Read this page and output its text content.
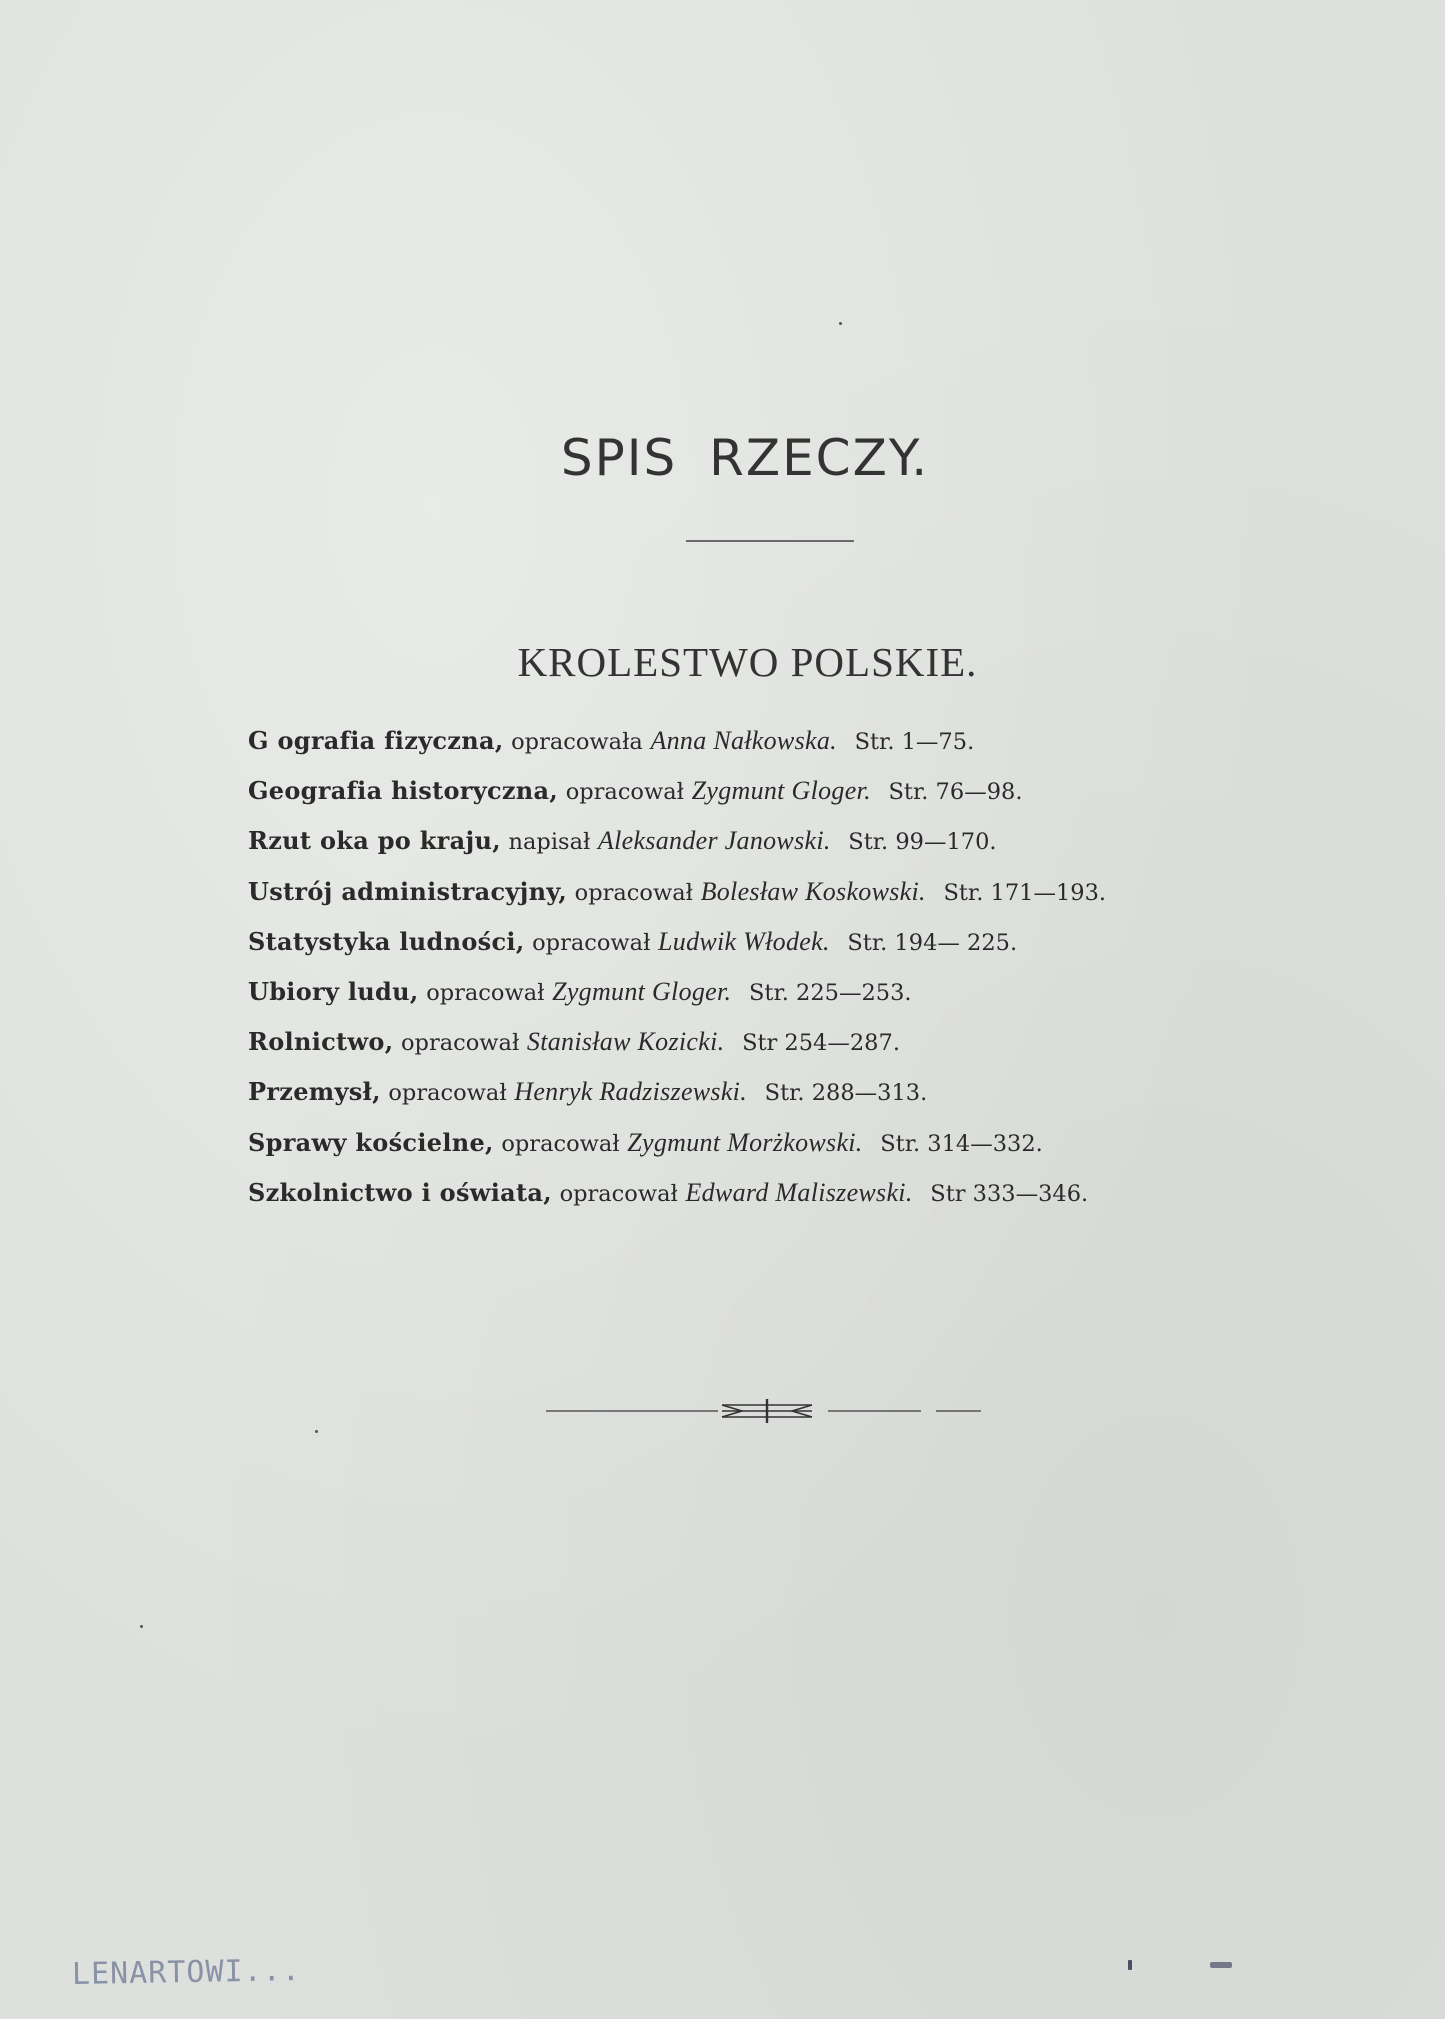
SPIS RZECZY.
KROLESTWO POLSKIE.
G ografia fizyczna, opracowała Anna Nałkowska. Str. 1—75.
Geografia historyczna, opracował Zygmunt Gloger. Str. 76—98.
Rzut oka po kraju, napisał Aleksander Janowski. Str. 99—170.
Ustrój administracyjny, opracował Bolesław Koskowski. Str. 171—193.
Statystyka ludności, opracował Ludwik Włodek. Str. 194— 225.
Ubiory ludu, opracował Zygmunt Gloger. Str. 225—253.
Rolnictwo, opracował Stanisław Kozicki. Str 254—287.
Przemysł, opracował Henryk Radziszewski. Str. 288—313.
Sprawy kościelne, opracował Zygmunt Morżkowski. Str. 314—332.
Szkolnictwo i oświata, opracował Edward Maliszewski. Str 333—346.
LENARTOWI...
